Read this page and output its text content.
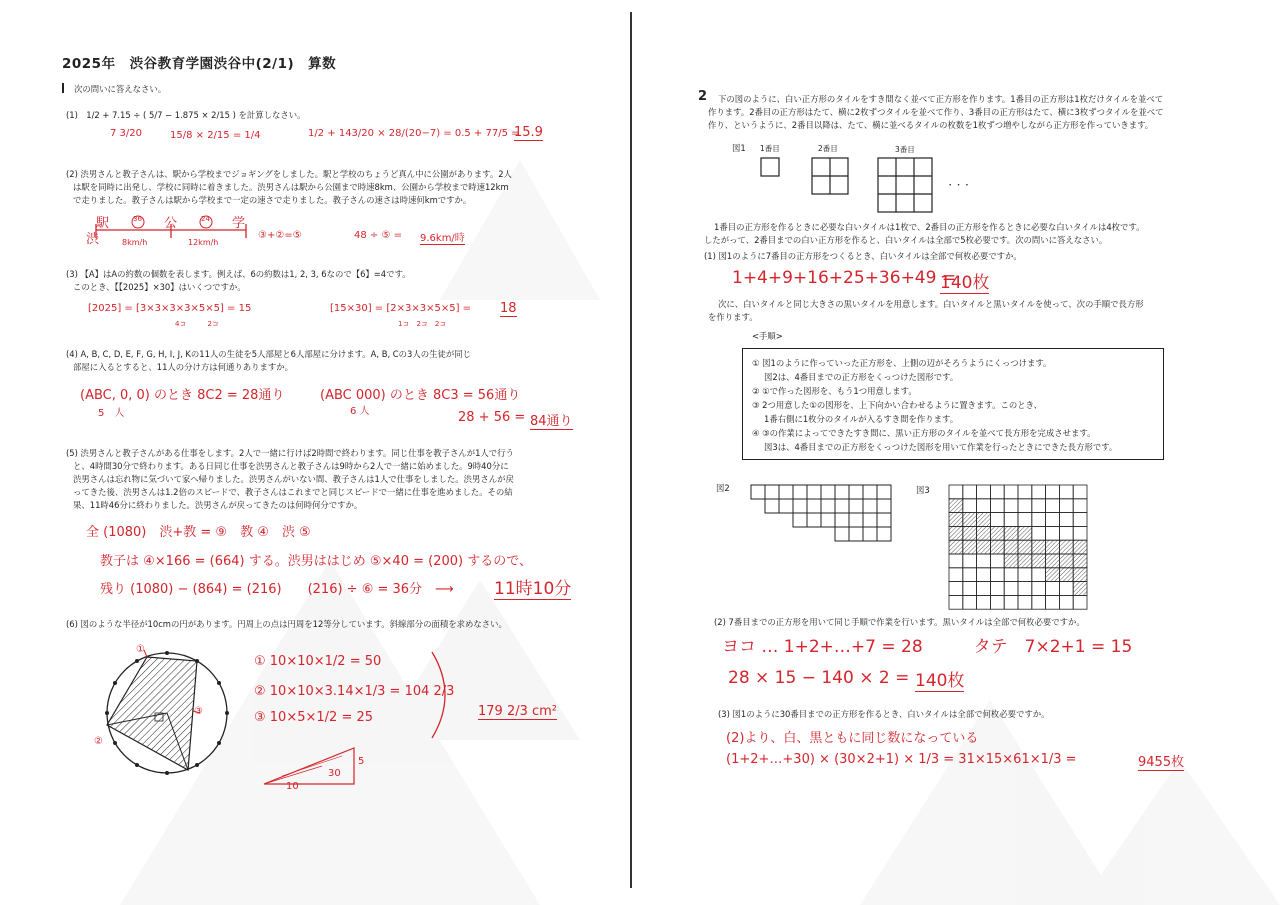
2025年　渋谷教育学園渋谷中(2/1)　算数
次の問いに答えなさい。
(1)　 1/2 + 7.15 ÷ ( 5/7 − 1.875 × 2/15 ) を計算しなさい。
7 3/20	15/8 × 2/15 = 1/4	1/2 + 143/20 × 28/(20−7) = 0.5 + 77/5 =
15.9
(2) 渋男さんと教子さんは、駅から学校までジョギングをしました。駅と学校のちょうど真ん中に公園があります。2人
は駅を同時に出発し、学校に同時に着きました。渋男さんは駅から公園まで時速8km、公園から学校まで時速12km
で走りました。教子さんは駅から学校まで一定の速さで走りました。教子さんの速さは時速何kmですか。
駅	公	学
渋	8km/h	12km/h
36	24
③+②=⑤	48 ÷ ⑤ = 9.6km/時
(3) 【A】はAの約数の個数を表します。例えば、6の約数は1, 2, 3, 6なので【6】=4です。
このとき、【【2025】×30】はいくつですか。
[2025] = [3×3×3×3×5×5] = 15
4コ　　　2コ
[15×30] = [2×3×3×5×5] =
1コ　2コ　2コ
18
(4) A, B, C, D, E, F, G, H, I, J, Kの11人の生徒を5人部屋と6人部屋に分けます。A, B, Cの3人の生徒が同じ
部屋に入るとすると、11人の分け方は何通りありますか。
(ABC, 0, 0) のとき 8C2 = 28通り
5　人
(ABC 000) のとき 8C3 = 56通り
6 人	28 + 56 = 84通り
(5) 渋男さんと教子さんがある仕事をします。2人で一緒に行けば2時間で終わります。同じ仕事を教子さんが1人で行う
と、4時間30分で終わります。ある日同じ仕事を渋男さんと教子さんは9時から2人で一緒に始めました。9時40分に
渋男さんは忘れ物に気づいて家へ帰りました。渋男さんがいない間、教子さんは1人で仕事をしました。渋男さんが戻
ってきた後、渋男さんは1.2倍のスピードで、教子さんはこれまでと同じスピードで一緒に仕事を進めました。その結
果、11時46分に終わりました。渋男さんが戻ってきたのは何時何分ですか。
全 (1080)　渋+教 = ⑨　教 ④　渋 ⑤
教子は ④×166 = (664) する。渋男ははじめ ⑤×40 = (200) するので、
残り (1080) − (864) = (216)　　(216) ÷ ⑥ = 36分　⟶ 11時10分
(6) 図のような半径が10cmの円があります。円周上の点は円周を12等分しています。斜線部分の面積を求めなさい。
①
②
③
① 10×10×1/2 = 50
② 10×10×3.14×1/3 = 104 2/3
③ 10×5×1/2 = 25	179 2/3 cm²
10
30
5
2 下の図のように、白い正方形のタイルをすき間なく並べて正方形を作ります。1番目の正方形は1枚だけタイルを並べて
作ります。2番目の正方形はたて、横に2枚ずつタイルを並べて作り、3番目の正方形はたて、横に3枚ずつタイルを並べて
作り、というように、2番目以降は、たて、横に並べるタイルの枚数を1枚ずつ増やしながら正方形を作っていきます。
図1 1番目	2番目	3番目
・・・
1番目の正方形を作るときに必要な白いタイルは1枚で、2番目の正方形を作るときに必要な白いタイルは4枚です。
したがって、2番目までの白い正方形を作ると、白いタイルは全部で5枚必要です。次の問いに答えなさい。
(1) 図1のように7番目の正方形をつくるとき、白いタイルは全部で何枚必要ですか。
1+4+9+16+25+36+49 =
140枚
次に、白いタイルと同じ大きさの黒いタイルを用意します。白いタイルと黒いタイルを使って、次の手順で長方形
を作ります。
<手順>
① 図1のように作っていった正方形を、上側の辺がそろうようにくっつけます。
図2は、4番目までの正方形をくっつけた図形です。
② ①で作った図形を、もう1つ用意します。
③ 2つ用意した①の図形を、上下向かい合わせるように置きます。このとき、
1番右側に1枚分のタイルが入るすき間を作ります。
④ ③の作業によってできたすき間に、黒い正方形のタイルを並べて長方形を完成させます。
図3は、4番目までの正方形をくっつけた図形を用いて作業を行ったときにできた長方形です。
図2	図3
(2) 7番目までの正方形を用いて同じ手順で作業を行います。黒いタイルは全部で何枚必要ですか。
ヨコ … 1+2+…+7 = 28　　　タテ　7×2+1 = 15
28 × 15 − 140 × 2 = 140枚
(3) 図1のように30番目までの正方形を作るとき、白いタイルは全部で何枚必要ですか。
(2)より、白、黒ともに同じ数になっている
(1+2+…+30) × (30×2+1) × 1/3 = 31×15×61×1/3 =	9455枚
